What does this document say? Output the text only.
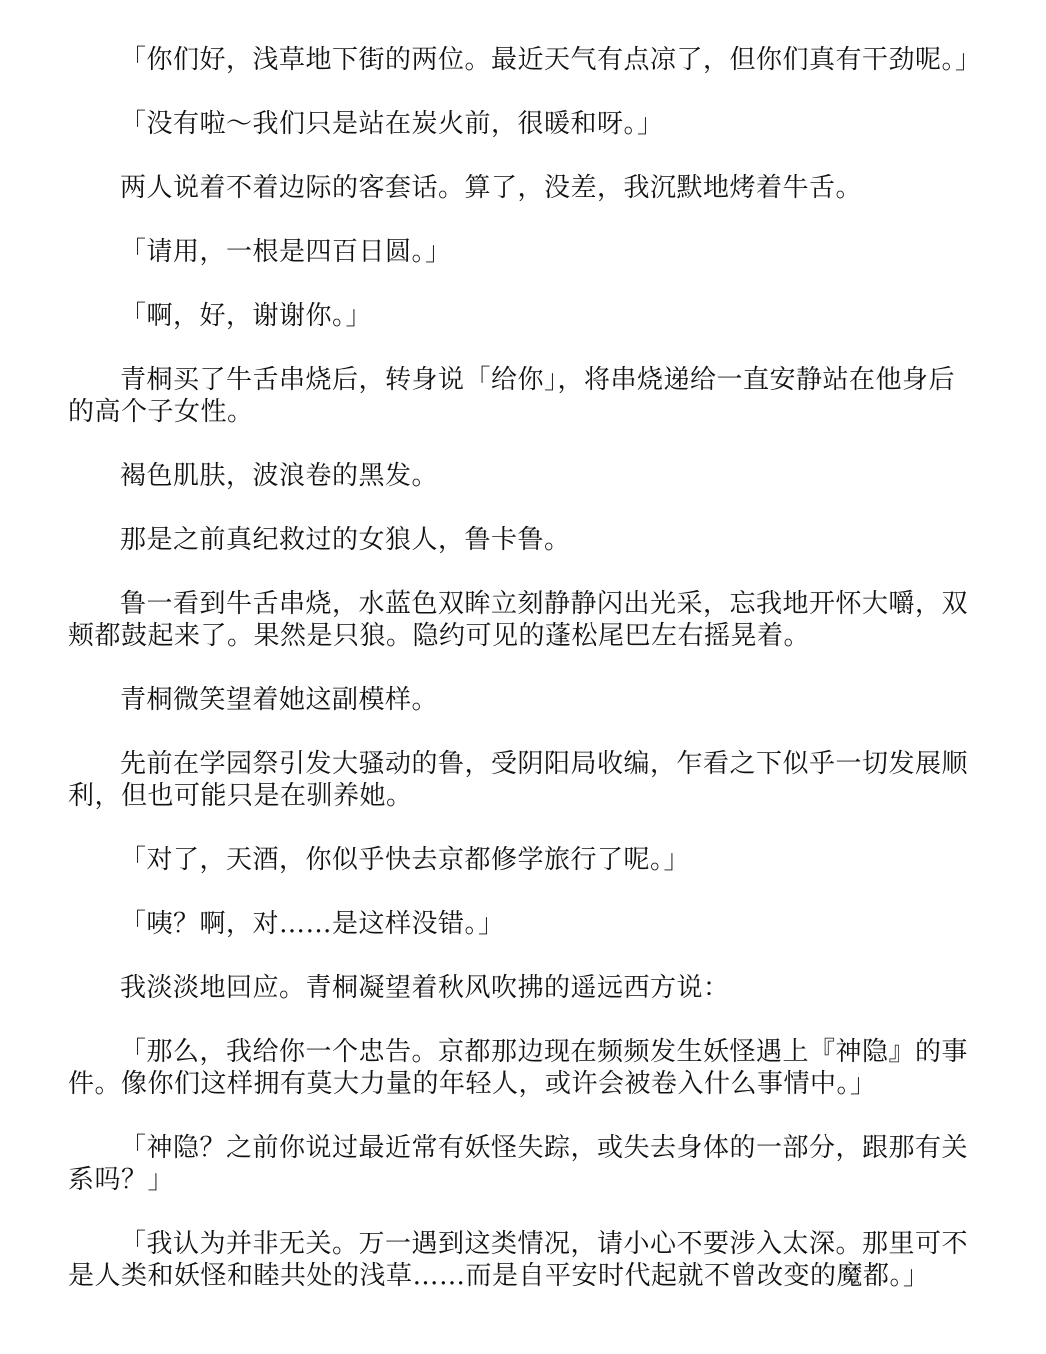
「你们好，浅草地下街的两位。最近天气有点凉了，但你们真有干劲呢。」

「没有啦～我们只是站在炭火前，很暖和呀。」

两人说着不着边际的客套话。算了，没差，我沉默地烤着牛舌。

「请用，一根是四百日圆。」

「啊，好，谢谢你。」

青桐买了牛舌串烧后，转身说「给你」，将串烧递给一直安静站在他身后的高个子女性。

褐色肌肤，波浪卷的黑发。

那是之前真纪救过的女狼人，鲁卡鲁。

鲁一看到牛舌串烧，水蓝色双眸立刻静静闪出光采，忘我地开怀大嚼，双颊都鼓起来了。果然是只狼。隐约可见的蓬松尾巴左右摇晃着。

青桐微笑望着她这副模样。

先前在学园祭引发大骚动的鲁，受阴阳局收编，乍看之下似乎一切发展顺利，但也可能只是在驯养她。

「对了，天酒，你似乎快去京都修学旅行了呢。」

「咦？啊，对……是这样没错。」

我淡淡地回应。青桐凝望着秋风吹拂的遥远西方说：

「那么，我给你一个忠告。京都那边现在频频发生妖怪遇上『神隐』的事件。像你们这样拥有莫大力量的年轻人，或许会被卷入什么事情中。」

「神隐？之前你说过最近常有妖怪失踪，或失去身体的一部分，跟那有关系吗？」

「我认为并非无关。万一遇到这类情况，请小心不要涉入太深。那里可不是人类和妖怪和睦共处的浅草……而是自平安时代起就不曾改变的魔都。」
